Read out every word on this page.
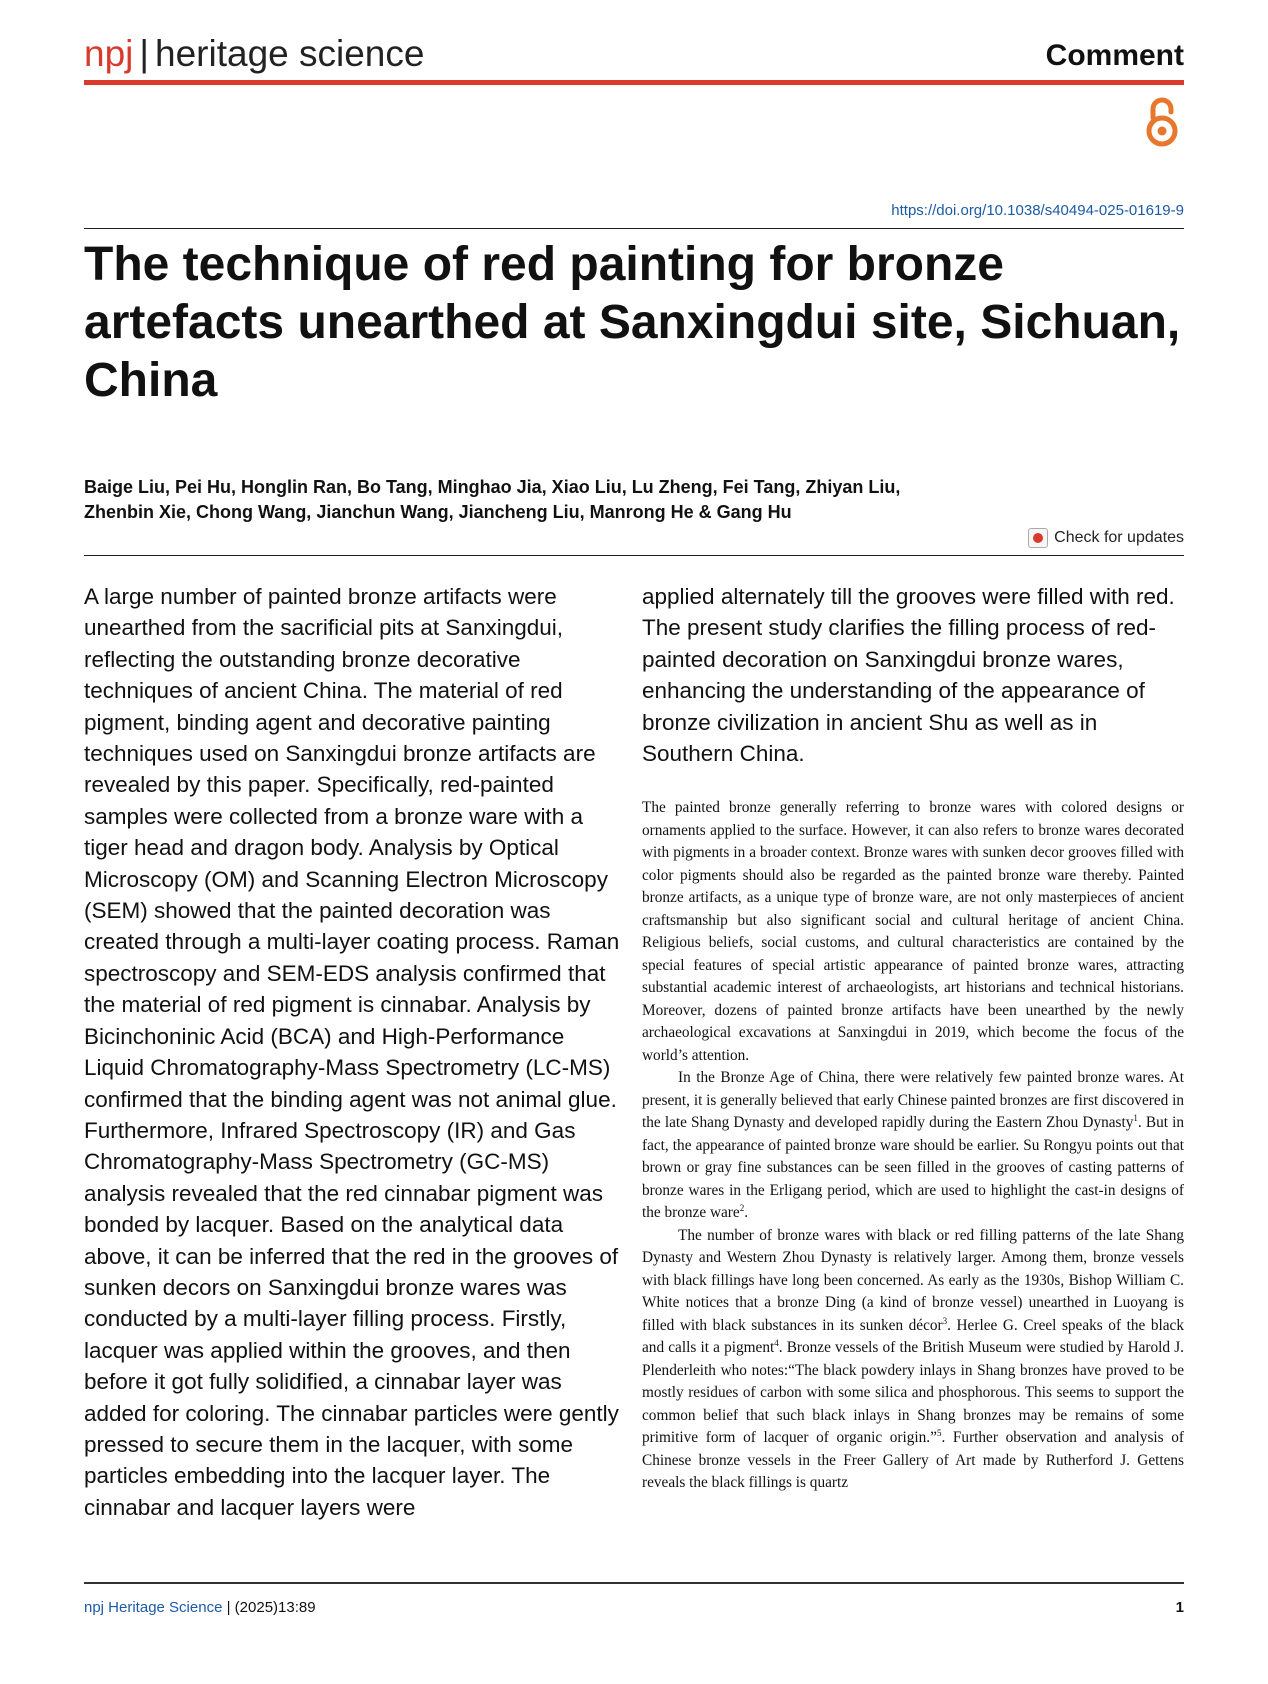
npj | heritage science	Comment
https://doi.org/10.1038/s40494-025-01619-9
The technique of red painting for bronze artefacts unearthed at Sanxingdui site, Sichuan, China

Baige Liu, Pei Hu, Honglin Ran, Bo Tang, Minghao Jia, Xiao Liu, Lu Zheng, Fei Tang, Zhiyan Liu, Zhenbin Xie, Chong Wang, Jianchun Wang, Jiancheng Liu, Manrong He & Gang Hu

Check for updates

A large number of painted bronze artifacts were unearthed from the sacrificial pits at Sanxingdui, reflecting the outstanding bronze decorative techniques of ancient China. The material of red pigment, binding agent and decorative painting techniques used on Sanxingdui bronze artifacts are revealed by this paper. Specifically, red-painted samples were collected from a bronze ware with a tiger head and dragon body. Analysis by Optical Microscopy (OM) and Scanning Electron Microscopy (SEM) showed that the painted decoration was created through a multi-layer coating process. Raman spectroscopy and SEM-EDS analysis confirmed that the material of red pigment is cinnabar. Analysis by Bicinchoninic Acid (BCA) and High-Performance Liquid Chromatography-Mass Spectrometry (LC-MS) confirmed that the binding agent was not animal glue. Furthermore, Infrared Spectroscopy (IR) and Gas Chromatography-Mass Spectrometry (GC-MS) analysis revealed that the red cinnabar pigment was bonded by lacquer. Based on the analytical data above, it can be inferred that the red in the grooves of sunken decors on Sanxingdui bronze wares was conducted by a multi-layer filling process. Firstly, lacquer was applied within the grooves, and then before it got fully solidified, a cinnabar layer was added for coloring. The cinnabar particles were gently pressed to secure them in the lacquer, with some particles embedding into the lacquer layer. The cinnabar and lacquer layers were

applied alternately till the grooves were filled with red. The present study clarifies the filling process of red-painted decoration on Sanxingdui bronze wares, enhancing the understanding of the appearance of bronze civilization in ancient Shu as well as in Southern China.

The painted bronze generally referring to bronze wares with colored designs or ornaments applied to the surface. However, it can also refers to bronze wares decorated with pigments in a broader context. Bronze wares with sunken decor grooves filled with color pigments should also be regarded as the painted bronze ware thereby. Painted bronze artifacts, as a unique type of bronze ware, are not only masterpieces of ancient craftsmanship but also significant social and cultural heritage of ancient China. Religious beliefs, social customs, and cultural characteristics are contained by the special features of special artistic appearance of painted bronze wares, attracting substantial academic interest of archaeologists, art historians and technical historians. Moreover, dozens of painted bronze artifacts have been unearthed by the newly archaeological excavations at Sanxingdui in 2019, which become the focus of the world’s attention.

In the Bronze Age of China, there were relatively few painted bronze wares. At present, it is generally believed that early Chinese painted bronzes are first discovered in the late Shang Dynasty and developed rapidly during the Eastern Zhou Dynasty$^1$. But in fact, the appearance of painted bronze ware should be earlier. Su Rongyu points out that brown or gray fine substances can be seen filled in the grooves of casting patterns of bronze wares in the Erligang period, which are used to highlight the cast-in designs of the bronze ware$^2$.

The number of bronze wares with black or red filling patterns of the late Shang Dynasty and Western Zhou Dynasty is relatively larger. Among them, bronze vessels with black fillings have long been concerned. As early as the 1930s, Bishop William C. White notices that a bronze Ding (a kind of bronze vessel) unearthed in Luoyang is filled with black substances in its sunken décor$^3$. Herlee G. Creel speaks of the black and calls it a pigment$^4$. Bronze vessels of the British Museum were studied by Harold J. Plenderleith who notes:“The black powdery inlays in Shang bronzes have proved to be mostly residues of carbon with some silica and phosphorous. This seems to support the common belief that such black inlays in Shang bronzes may be remains of some primitive form of lacquer of organic origin.”$^5$. Further observation and analysis of Chinese bronze vessels in the Freer Gallery of Art made by Rutherford J. Gettens reveals the black fillings is quartz

npj Heritage Science | (2025)13:89	1
